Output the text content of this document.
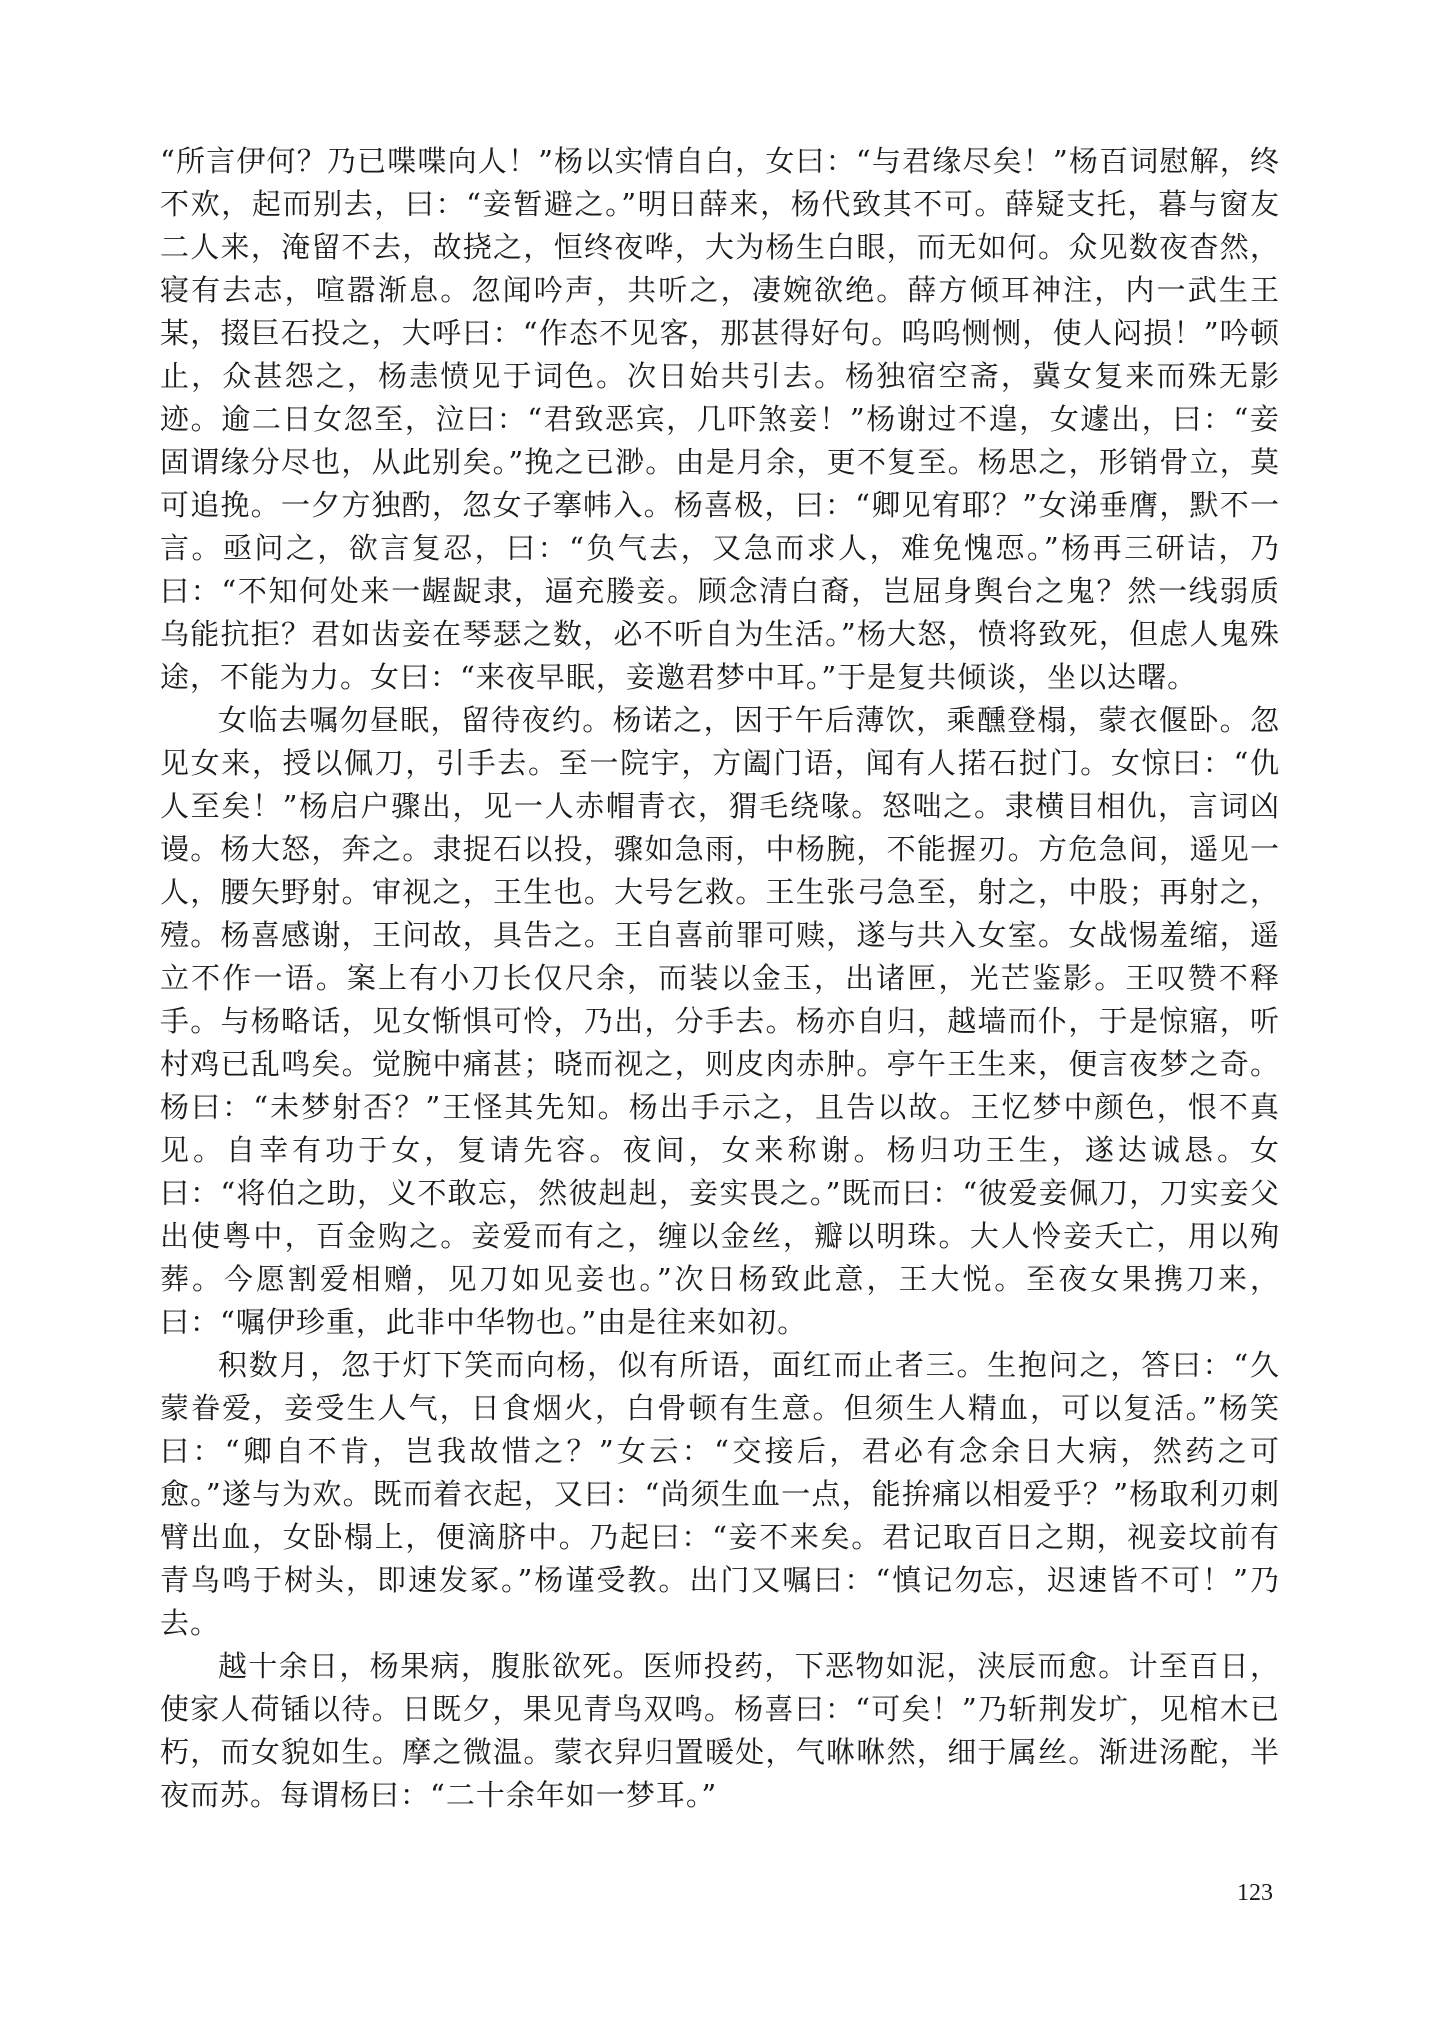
“所言伊何？乃已喋喋向人！”杨以实情自白，女曰：“与君缘尽矣！”杨百词慰解，终不欢，起而别去，曰：“妾暂避之。”明日薛来，杨代致其不可。薛疑支托，暮与窗友二人来，淹留不去，故挠之，恒终夜哗，大为杨生白眼，而无如何。众见数夜杳然，寝有去志，喧嚣渐息。忽闻吟声，共听之，凄婉欲绝。薛方倾耳神注，内一武生王某，掇巨石投之，大呼曰：“作态不见客，那甚得好句。呜呜恻恻，使人闷损！”吟顿止，众甚怨之，杨恚愤见于词色。次日始共引去。杨独宿空斋，冀女复来而殊无影迹。逾二日女忽至，泣曰：“君致恶宾，几吓煞妾！”杨谢过不遑，女遽出，曰：“妾固谓缘分尽也，从此别矣。”挽之已渺。由是月余，更不复至。杨思之，形销骨立，莫可追挽。一夕方独酌，忽女子搴帏入。杨喜极，曰：“卿见宥耶？”女涕垂膺，默不一言。亟问之，欲言复忍，曰：“负气去，又急而求人，难免愧恧。”杨再三研诘，乃曰：“不知何处来一龌龊隶，逼充媵妾。顾念清白裔，岂屈身舆台之鬼？然一线弱质乌能抗拒？君如齿妾在琴瑟之数，必不听自为生活。”杨大怒，愤将致死，但虑人鬼殊途，不能为力。女曰：“来夜早眠，妾邀君梦中耳。”于是复共倾谈，坐以达曙。

女临去嘱勿昼眠，留待夜约。杨诺之，因于午后薄饮，乘醺登榻，蒙衣偃卧。忽见女来，授以佩刀，引手去。至一院宇，方阖门语，闻有人掿石挝门。女惊曰：“仇人至矣！”杨启户骤出，见一人赤帽青衣，猬毛绕喙。怒咄之。隶横目相仇，言词凶谩。杨大怒，奔之。隶捉石以投，骤如急雨，中杨腕，不能握刃。方危急间，遥见一人，腰矢野射。审视之，王生也。大号乞救。王生张弓急至，射之，中股；再射之，殪。杨喜感谢，王问故，具告之。王自喜前罪可赎，遂与共入女室。女战惕羞缩，遥立不作一语。案上有小刀长仅尺余，而装以金玉，出诸匣，光芒鉴影。王叹赞不释手。与杨略话，见女惭惧可怜，乃出，分手去。杨亦自归，越墙而仆，于是惊寤，听村鸡已乱鸣矣。觉腕中痛甚；晓而视之，则皮肉赤肿。亭午王生来，便言夜梦之奇。杨曰：“未梦射否？”王怪其先知。杨出手示之，且告以故。王忆梦中颜色，恨不真见。自幸有功于女，复请先容。夜间，女来称谢。杨归功王生，遂达诚恳。女曰：“将伯之助，义不敢忘，然彼赳赳，妾实畏之。”既而曰：“彼爱妾佩刀，刀实妾父出使粤中，百金购之。妾爱而有之，缠以金丝，瓣以明珠。大人怜妾夭亡，用以殉葬。今愿割爱相赠，见刀如见妾也。”次日杨致此意，王大悦。至夜女果携刀来，曰：“嘱伊珍重，此非中华物也。”由是往来如初。

积数月，忽于灯下笑而向杨，似有所语，面红而止者三。生抱问之，答曰：“久蒙眷爱，妾受生人气，日食烟火，白骨顿有生意。但须生人精血，可以复活。”杨笑曰：“卿自不肯，岂我故惜之？”女云：“交接后，君必有念余日大病，然药之可愈。”遂与为欢。既而着衣起，又曰：“尚须生血一点，能拚痛以相爱乎？”杨取利刃刺臂出血，女卧榻上，便滴脐中。乃起曰：“妾不来矣。君记取百日之期，视妾坟前有青鸟鸣于树头，即速发冢。”杨谨受教。出门又嘱曰：“慎记勿忘，迟速皆不可！”乃去。

越十余日，杨果病，腹胀欲死。医师投药，下恶物如泥，浃辰而愈。计至百日，使家人荷锸以待。日既夕，果见青鸟双鸣。杨喜曰：“可矣！”乃斩荆发圹，见棺木已朽，而女貌如生。摩之微温。蒙衣舁归置暖处，气咻咻然，细于属丝。渐进汤酡，半夜而苏。每谓杨曰：“二十余年如一梦耳。”

123
